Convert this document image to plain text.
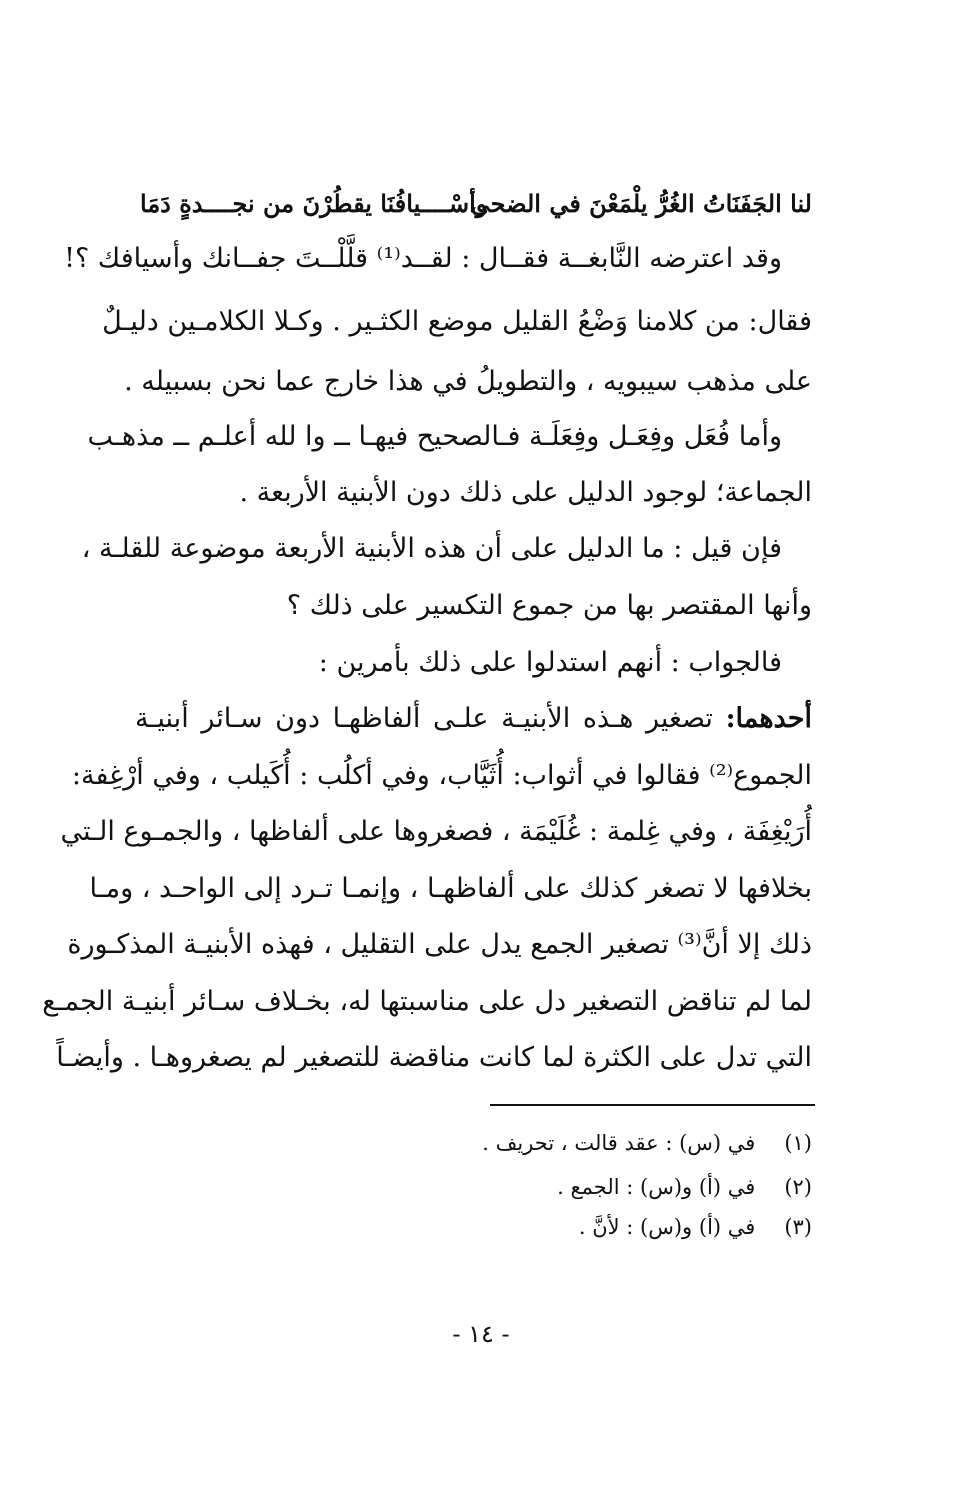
لنا الجَفَنَاتُ الغُرُّ يلْمَعْنَ في الضحى
وأسْــــيافُنَا يقطُرْنَ من نجــــدةٍ دَمَا
وقد اعترضه النَّابغــة فقــال : لقــد⁽¹⁾ قلَّلْــتَ جفــانك وأسيافك ؟!
فقال: من كلامنا وَضْعُ القليل موضع الكثـير . وكـلا الكلامـين دليـلٌ
على مذهب سيبويه ، والتطويلُ في هذا خارج عما نحن بسبيله .
وأما فُعَل وفِعَـل وفِعَلَـة فـالصحيح فيهـا ــ وا لله أعلـم ــ مذهـب
الجماعة؛ لوجود الدليل على ذلك دون الأبنية الأربعة .
فإن قيل : ما الدليل على أن هذه الأبنية الأربعة موضوعة للقلـة ،
وأنها المقتصر بها من جموع التكسير على ذلك ؟
فالجواب : أنهم استدلوا على ذلك بأمرين :
أحدهما: تصغير هـذه الأبنيـة علـى ألفاظهـا دون سـائر أبنيـة
الجموع⁽²⁾ فقالوا في أثواب: أُثَيَّاب، وفي أكلُب : أُكَيلب ، وفي أرْغِفة:
أُرَيْغِفَة ، وفي غِلمة : غُلَيْمَة ، فصغروها على ألفاظها ، والجمـوع الـتي
بخلافها لا تصغر كذلك على ألفاظهـا ، وإنمـا تـرد إلى الواحـد ، ومـا
ذلك إلا أنَّ⁽³⁾ تصغير الجمع يدل على التقليل ، فهذه الأبنيـة المذكـورة
لما لم تناقض التصغير دل على مناسبتها له، بخـلاف سـائر أبنيـة الجمـع
التي تدل على الكثرة لما كانت مناقضة للتصغير لم يصغروهـا . وأيضـاً
(١) في (س) : عقد قالت ، تحريف .
(٢) في (أ) و(س) : الجمع .
(٣) في (أ) و(س) : لأنَّ .
- ١٤ -
